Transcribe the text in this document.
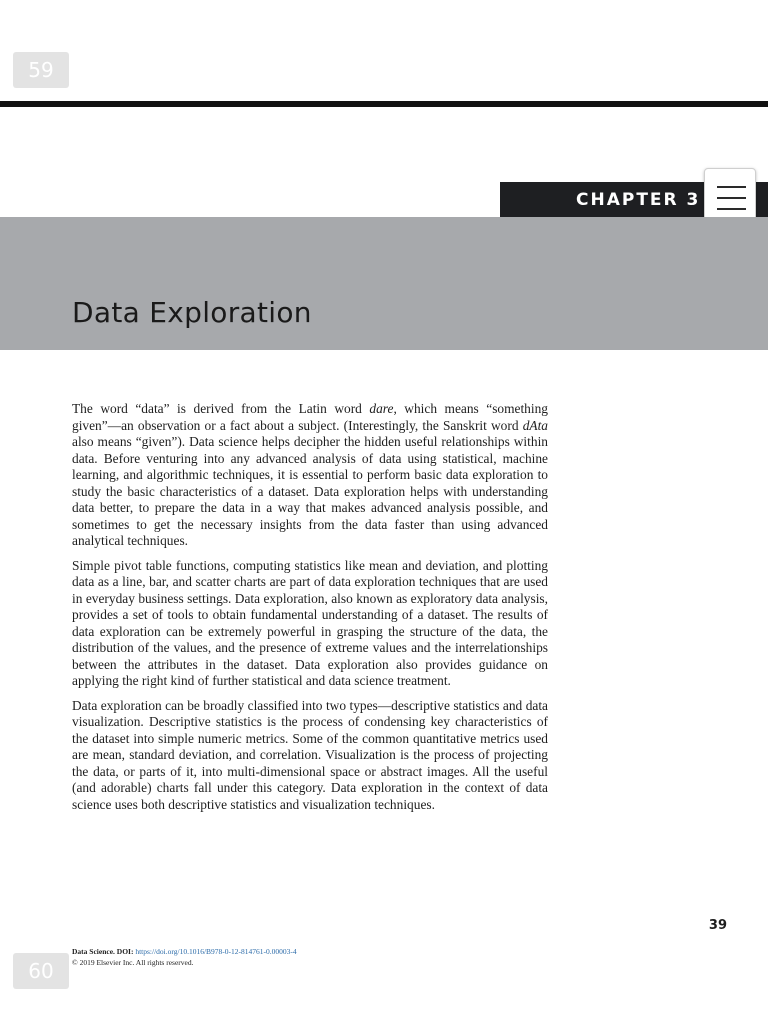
59
CHAPTER 3
Data Exploration

The word “data” is derived from the Latin word dare, which means “something given”—an observation or a fact about a subject. (Interestingly, the Sanskrit word dAta also means “given”). Data science helps decipher the hidden useful relationships within data. Before venturing into any advanced analysis of data using statistical, machine learning, and algorithmic techniques, it is essential to perform basic data exploration to study the basic characteristics of a dataset. Data exploration helps with understanding data better, to prepare the data in a way that makes advanced analysis possible, and sometimes to get the necessary insights from the data faster than using advanced analytical techniques.

Simple pivot table functions, computing statistics like mean and deviation, and plotting data as a line, bar, and scatter charts are part of data exploration techniques that are used in everyday business settings. Data exploration, also known as exploratory data analysis, provides a set of tools to obtain fundamental understanding of a dataset. The results of data exploration can be extremely powerful in grasping the structure of the data, the distribution of the values, and the presence of extreme values and the interrelationships between the attributes in the dataset. Data exploration also provides guidance on applying the right kind of further statistical and data science treatment.

Data exploration can be broadly classified into two types—descriptive statistics and data visualization. Descriptive statistics is the process of condensing key characteristics of the dataset into simple numeric metrics. Some of the common quantitative metrics used are mean, standard deviation, and correlation. Visualization is the process of projecting the data, or parts of it, into multi-dimensional space or abstract images. All the useful (and adorable) charts fall under this category. Data exploration in the context of data science uses both descriptive statistics and visualization techniques.

39
Data Science. DOI: https://doi.org/10.1016/B978-0-12-814761-0.00003-4
© 2019 Elsevier Inc. All rights reserved.
60
